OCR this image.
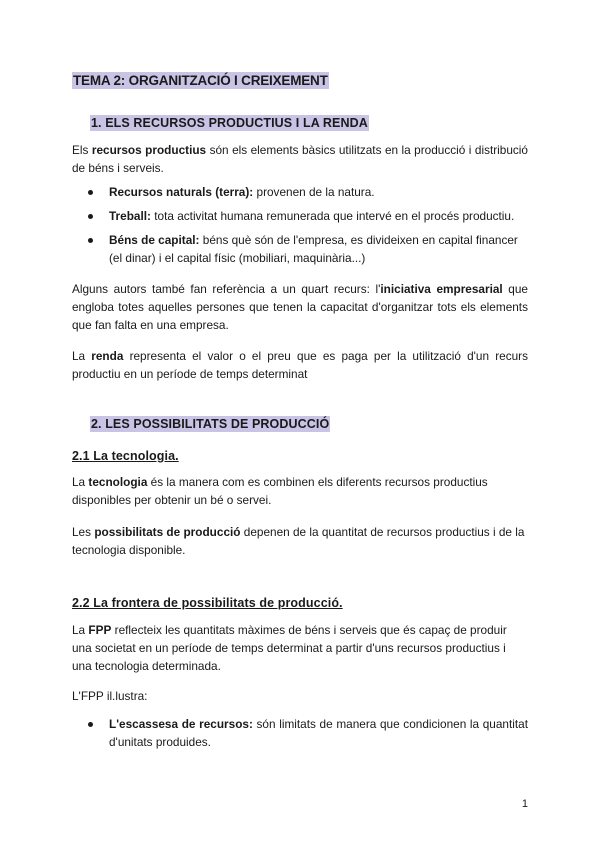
TEMA 2: ORGANITZACIÓ I CREIXEMENT
1. ELS RECURSOS PRODUCTIUS I LA RENDA

Els recursos productius són els elements bàsics utilitzats en la producció i distribució de béns i serveis.

Recursos naturals (terra): provenen de la natura.
Treball: tota activitat humana remunerada que intervé en el procés productiu.
Béns de capital: béns què són de l'empresa, es divideixen en capital financer (el dinar) i el capital físic (mobiliari, maquinària...)

Alguns autors també fan referència a un quart recurs: l'iniciativa empresarial que engloba totes aquelles persones que tenen la capacitat d'organitzar tots els elements que fan falta en una empresa.

La renda representa el valor o el preu que es paga per la utilització d'un recurs productiu en un període de temps determinat

2. LES POSSIBILITATS DE PRODUCCIÓ
2.1 La tecnologia.

La tecnologia és la manera com es combinen els diferents recursos productius disponibles per obtenir un bé o servei.

Les possibilitats de producció depenen de la quantitat de recursos productius i de la tecnologia disponible.

2.2 La frontera de possibilitats de producció.

La FPP reflecteix les quantitats màximes de béns i serveis que és capaç de produir una societat en un període de temps determinat a partir d'uns recursos productius i una tecnologia determinada.

L'FPP il.lustra:

L'escassesa de recursos: són limitats de manera que condicionen la quantitat d'unitats produides.
1
